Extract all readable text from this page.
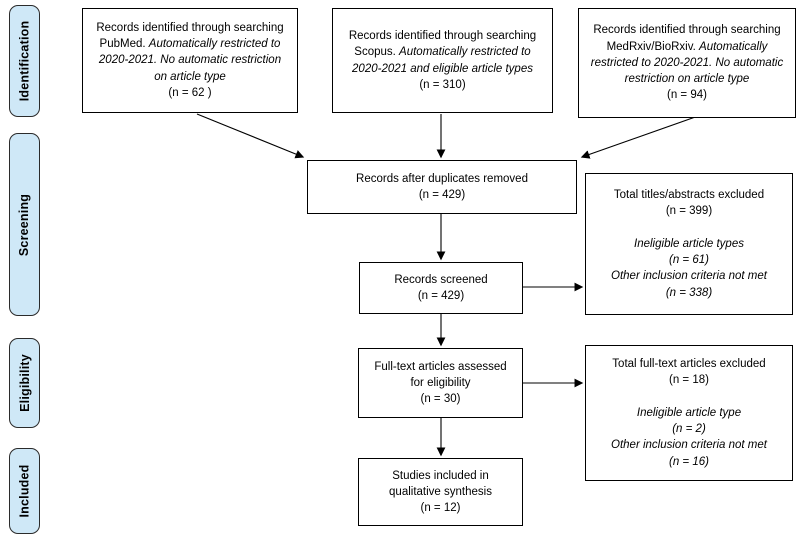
Identification
Screening
Eligibility
Included
Records identified through searching PubMed. Automatically restricted to 2020-2021. No automatic restriction on article type
(n = 62 )
Records identified through searching Scopus. Automatically restricted to 2020-2021 and eligible article types
(n = 310)
Records identified through searching MedRxiv/BioRxiv. Automatically restricted to 2020-2021. No automatic restriction on article type
(n = 94)
Records after duplicates removed
(n = 429)
Records screened
(n = 429)
Total titles/abstracts excluded
(n = 399)
Ineligible article types
(n = 61)
Other inclusion criteria not met
(n = 338)
Full-text articles assessed for eligibility
(n = 30)
Total full-text articles excluded
(n = 18)
Ineligible article type
(n = 2)
Other inclusion criteria not met
(n = 16)
Studies included in qualitative synthesis
(n = 12)
